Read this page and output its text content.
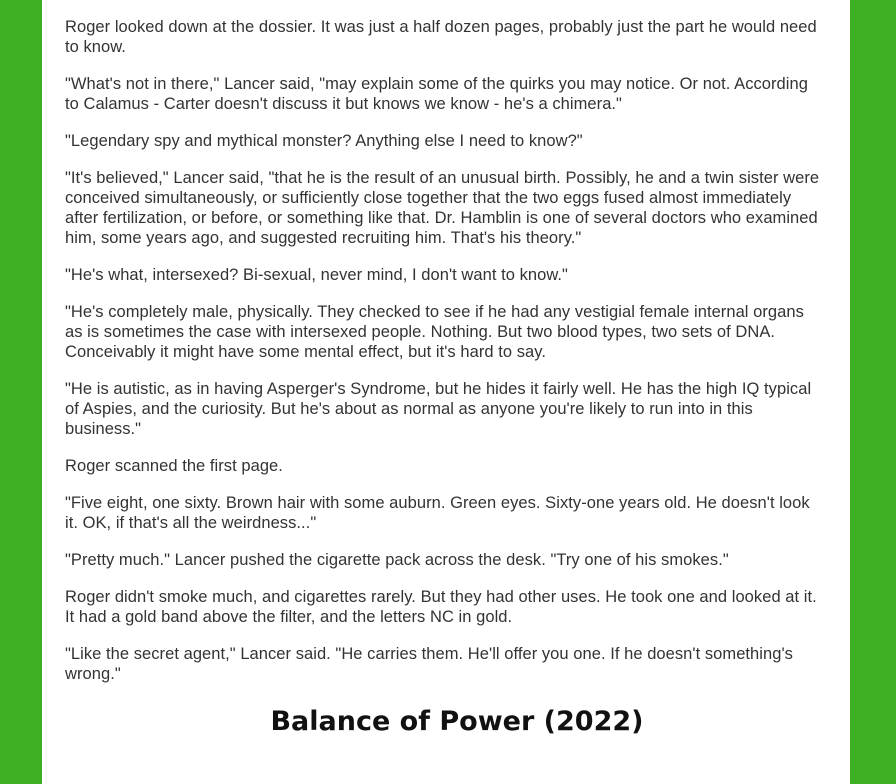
Roger looked down at the dossier. It was just a half dozen pages, probably just the part he would need to know.

"What's not in there," Lancer said, "may explain some of the quirks you may notice. Or not. According to Calamus - Carter doesn't discuss it but knows we know - he's a chimera."

"Legendary spy and mythical monster? Anything else I need to know?"

"It's believed," Lancer said, "that he is the result of an unusual birth. Possibly, he and a twin sister were conceived simultaneously, or sufficiently close together that the two eggs fused almost immediately after fertilization, or before, or something like that. Dr. Hamblin is one of several doctors who examined him, some years ago, and suggested recruiting him. That's his theory."

"He's what, intersexed? Bi-sexual, never mind, I don't want to know."

"He's completely male, physically. They checked to see if he had any vestigial female internal organs as is sometimes the case with intersexed people. Nothing. But two blood types, two sets of DNA. Conceivably it might have some mental effect, but it's hard to say.

"He is autistic, as in having Asperger's Syndrome, but he hides it fairly well. He has the high IQ typical of Aspies, and the curiosity. But he's about as normal as anyone you're likely to run into in this business."

Roger scanned the first page.

"Five eight, one sixty. Brown hair with some auburn. Green eyes. Sixty-one years old. He doesn't look it. OK, if that's all the weirdness..."

"Pretty much." Lancer pushed the cigarette pack across the desk. "Try one of his smokes."

Roger didn't smoke much, and cigarettes rarely. But they had other uses. He took one and looked at it. It had a gold band above the filter, and the letters NC in gold.

"Like the secret agent," Lancer said. "He carries them. He'll offer you one. If he doesn't something's wrong."

Balance of Power (2022)
